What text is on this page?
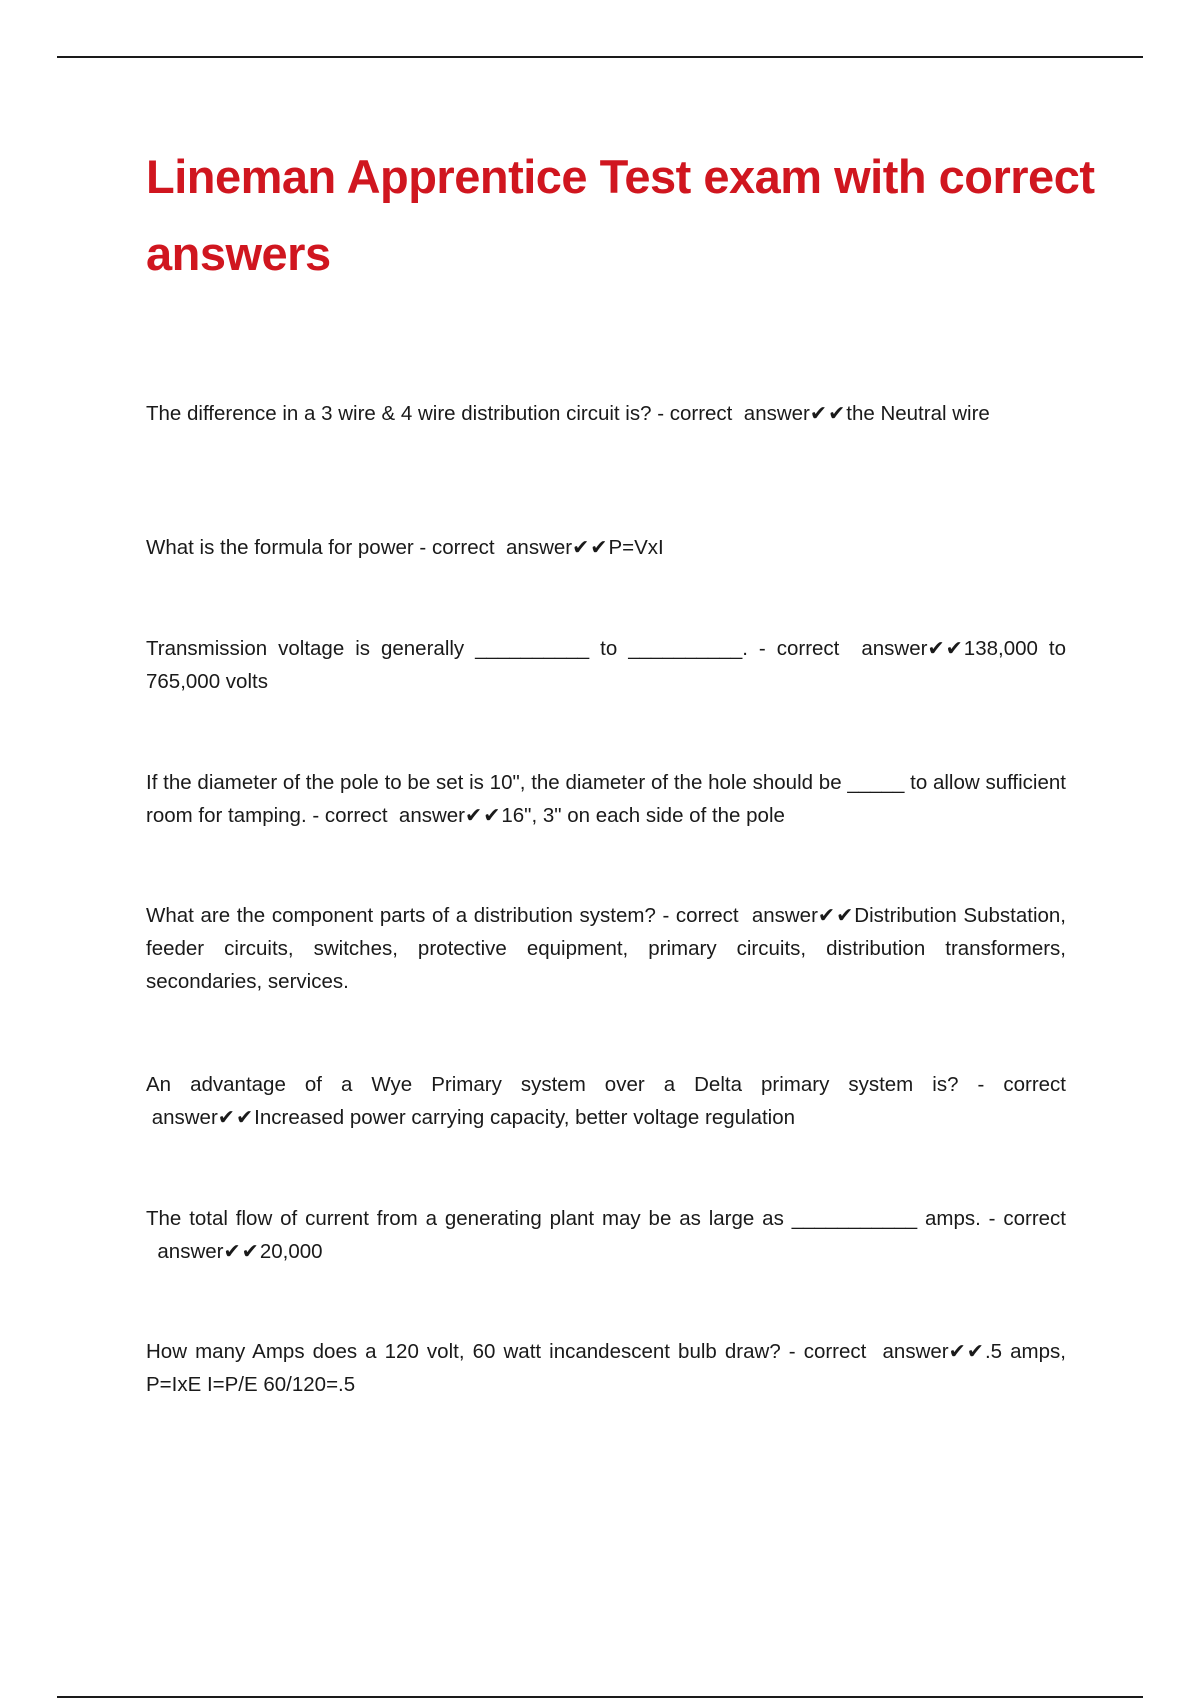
Lineman Apprentice Test exam with correct answers

The difference in a 3 wire & 4 wire distribution circuit is? - correct answer✔✔the Neutral wire

What is the formula for power - correct answer✔✔P=VxI

Transmission voltage is generally __________ to __________. - correct answer✔✔138,000 to 765,000 volts

If the diameter of the pole to be set is 10", the diameter of the hole should be _____ to allow sufficient room for tamping. - correct answer✔✔16", 3" on each side of the pole

What are the component parts of a distribution system? - correct answer✔✔Distribution Substation, feeder circuits, switches, protective equipment, primary circuits, distribution transformers, secondaries, services.

An advantage of a Wye Primary system over a Delta primary system is? - correct answer✔✔Increased power carrying capacity, better voltage regulation

The total flow of current from a generating plant may be as large as ___________ amps. - correct  answer✔✔20,000

How many Amps does a 120 volt, 60 watt incandescent bulb draw? - correct answer✔✔.5 amps, P=IxE I=P/E 60/120=.5
